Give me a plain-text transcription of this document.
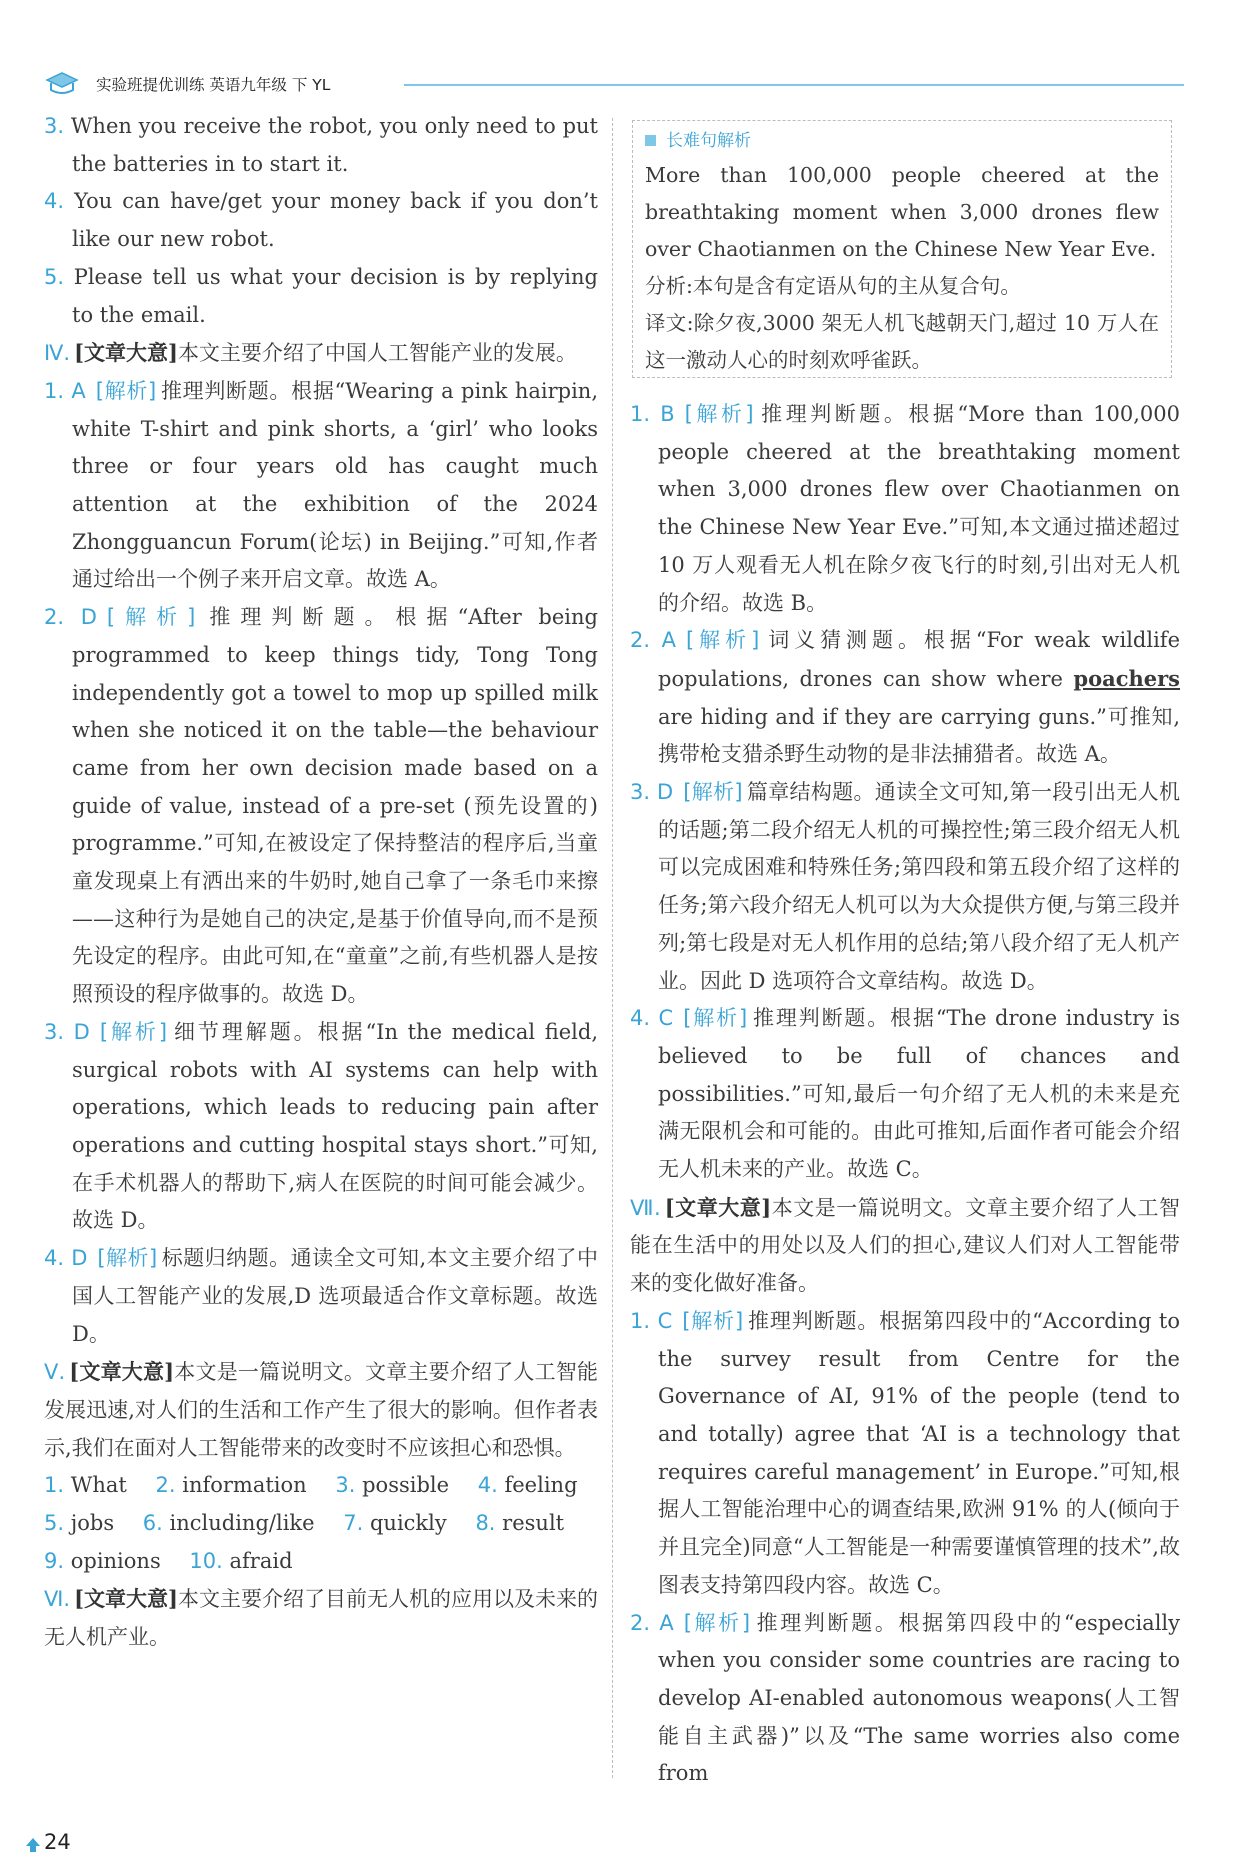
实验班提优训练 英语九年级 下 YL
3. When you receive the robot, you only need to put the batteries in to start it.
4. You can have/get your money back if you don’t like our new robot.
5. Please tell us what your decision is by replying to the email.
Ⅳ. [文章大意]本文主要介绍了中国人工智能产业的发展。
1. A [解析] 推理判断题。根据“Wearing a pink hairpin, white T-shirt and pink shorts, a ‘girl’ who looks three or four years old has caught much attention at the exhibition of the 2024 Zhongguancun Forum(论坛) in Beijing.”可知,作者通过给出一个例子来开启文章。故选 A。
2. D [解析] 推理判断题。根据“After being programmed to keep things tidy, Tong Tong independently got a towel to mop up spilled milk when she noticed it on the table—the behaviour came from her own decision made based on a guide of value, instead of a pre-set (预先设置的) programme.”可知,在被设定了保持整洁的程序后,当童童发现桌上有洒出来的牛奶时,她自己拿了一条毛巾来擦——这种行为是她自己的决定,是基于价值导向,而不是预先设定的程序。由此可知,在“童童”之前,有些机器人是按照预设的程序做事的。故选 D。
3. D [解析] 细节理解题。根据“In the medical field, surgical robots with AI systems can help with operations, which leads to reducing pain after operations and cutting hospital stays short.”可知,在手术机器人的帮助下,病人在医院的时间可能会减少。故选 D。
4. D [解析] 标题归纳题。通读全文可知,本文主要介绍了中国人工智能产业的发展,D 选项最适合作文章标题。故选 D。
Ⅴ. [文章大意]本文是一篇说明文。文章主要介绍了人工智能发展迅速,对人们的生活和工作产生了很大的影响。但作者表示,我们在面对人工智能带来的改变时不应该担心和恐惧。
1. What 2. information 3. possible 4. feeling
5. jobs 6. including/like 7. quickly 8. result
9. opinions 10. afraid
Ⅵ. [文章大意]本文主要介绍了目前无人机的应用以及未来的无人机产业。
长难句解析
More than 100,000 people cheered at the breathtaking moment when 3,000 drones flew over Chaotianmen on the Chinese New Year Eve.
分析:本句是含有定语从句的主从复合句。
译文:除夕夜,3000 架无人机飞越朝天门,超过 10 万人在这一激动人心的时刻欢呼雀跃。
1. B [解析] 推理判断题。根据“More than 100,000 people cheered at the breathtaking moment when 3,000 drones flew over Chaotianmen on the Chinese New Year Eve.”可知,本文通过描述超过 10 万人观看无人机在除夕夜飞行的时刻,引出对无人机的介绍。故选 B。
2. A [解析] 词义猜测题。根据“For weak wildlife populations, drones can show where poachers are hiding and if they are carrying guns.”可推知,携带枪支猎杀野生动物的是非法捕猎者。故选 A。
3. D [解析] 篇章结构题。通读全文可知,第一段引出无人机的话题;第二段介绍无人机的可操控性;第三段介绍无人机可以完成困难和特殊任务;第四段和第五段介绍了这样的任务;第六段介绍无人机可以为大众提供方便,与第三段并列;第七段是对无人机作用的总结;第八段介绍了无人机产业。因此 D 选项符合文章结构。故选 D。
4. C [解析] 推理判断题。根据“The drone industry is believed to be full of chances and possibilities.”可知,最后一句介绍了无人机的未来是充满无限机会和可能的。由此可推知,后面作者可能会介绍无人机未来的产业。故选 C。
Ⅶ. [文章大意]本文是一篇说明文。文章主要介绍了人工智能在生活中的用处以及人们的担心,建议人们对人工智能带来的变化做好准备。
1. C [解析] 推理判断题。根据第四段中的“According to the survey result from Centre for the Governance of AI, 91% of the people (tend to and totally) agree that ‘AI is a technology that requires careful management’ in Europe.”可知,根据人工智能治理中心的调查结果,欧洲 91% 的人(倾向于并且完全)同意“人工智能是一种需要谨慎管理的技术”,故图表支持第四段内容。故选 C。
2. A [解析] 推理判断题。根据第四段中的“especially when you consider some countries are racing to develop AI-enabled autonomous weapons(人工智能自主武器)”以及“The same worries also come from
24
